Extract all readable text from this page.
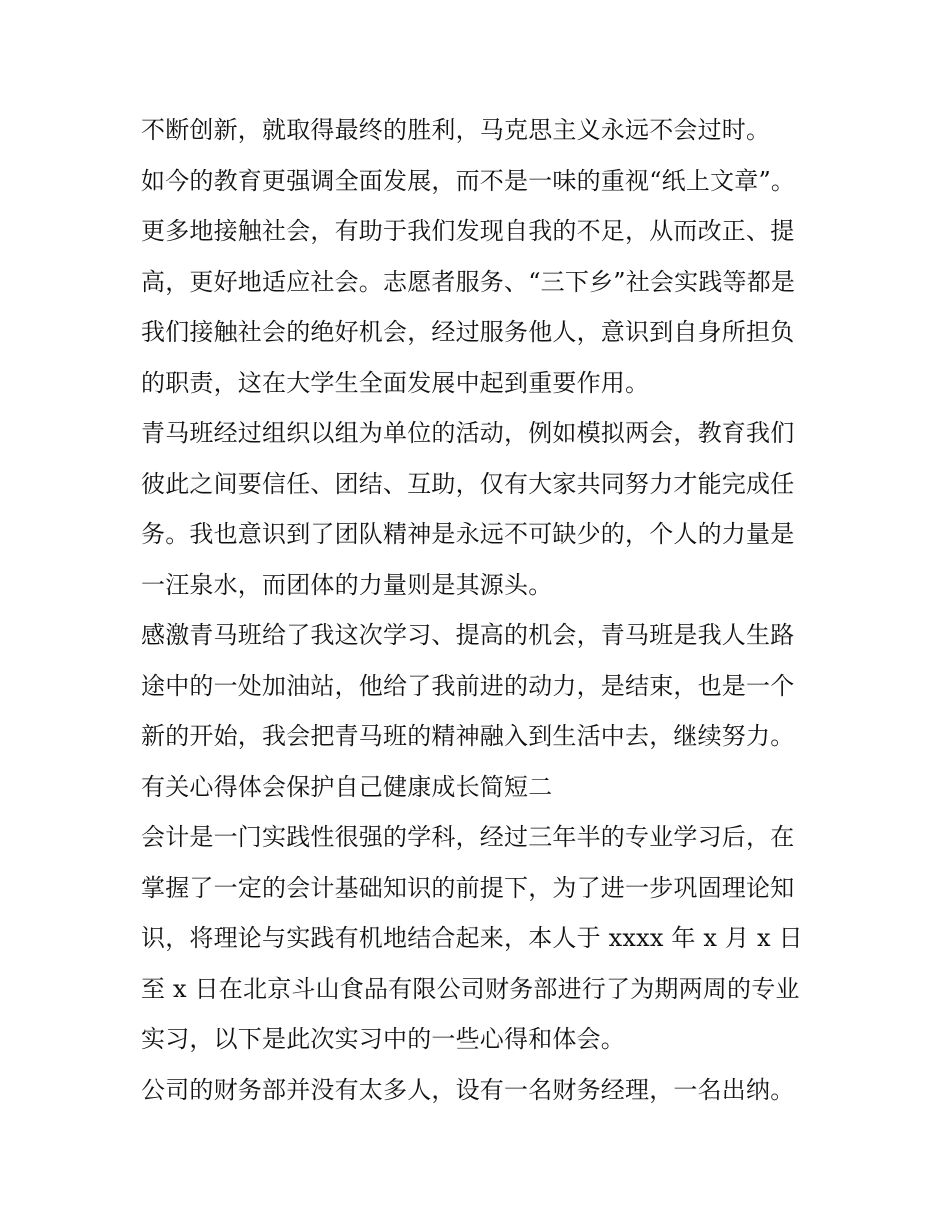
不断创新，就取得最终的胜利，马克思主义永远不会过时。
如今的教育更强调全面发展，而不是一味的重视“纸上文章”。
更多地接触社会，有助于我们发现自我的不足，从而改正、提
高，更好地适应社会。志愿者服务、“三下乡”社会实践等都是
我们接触社会的绝好机会，经过服务他人，意识到自身所担负
的职责，这在大学生全面发展中起到重要作用。
青马班经过组织以组为单位的活动，例如模拟两会，教育我们
彼此之间要信任、团结、互助，仅有大家共同努力才能完成任
务。我也意识到了团队精神是永远不可缺少的，个人的力量是
一汪泉水，而团体的力量则是其源头。
感激青马班给了我这次学习、提高的机会，青马班是我人生路
途中的一处加油站，他给了我前进的动力，是结束，也是一个
新的开始，我会把青马班的精神融入到生活中去，继续努力。
有关心得体会保护自己健康成长简短二
会计是一门实践性很强的学科，经过三年半的专业学习后，在
掌握了一定的会计基础知识的前提下，为了进一步巩固理论知
识，将理论与实践有机地结合起来，本人于 xxxx 年 x 月 x 日
至 x 日在北京斗山食品有限公司财务部进行了为期两周的专业
实习，以下是此次实习中的一些心得和体会。
公司的财务部并没有太多人，设有一名财务经理，一名出纳。
